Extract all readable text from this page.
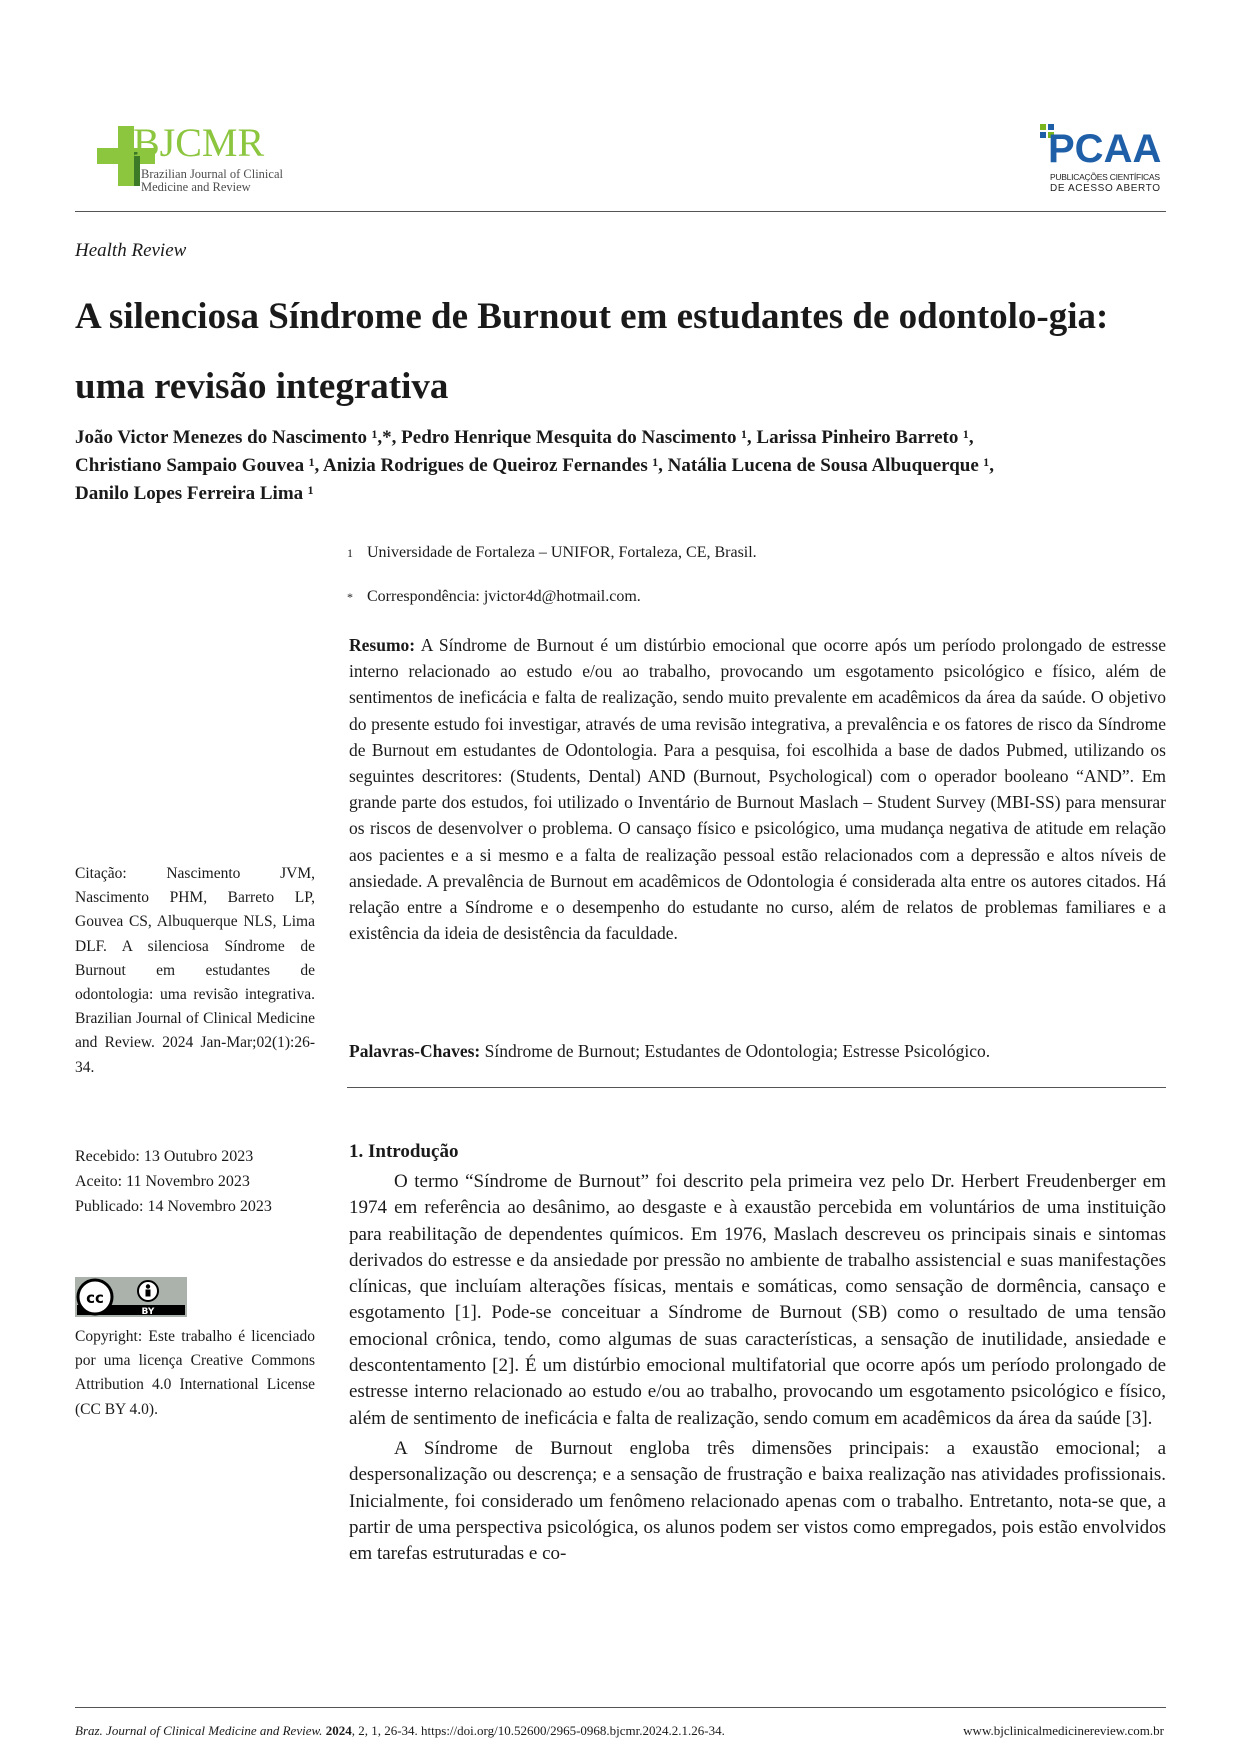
BJCMR
Brazilian Journal of Clinical
Medicine and Review
PCAA
PUBLICAÇÕES CIENTÍFICAS
DE ACESSO ABERTO
Health Review
A silenciosa Síndrome de Burnout em estudantes de odontolo-gia: uma revisão integrativa
João Victor Menezes do Nascimento ¹,*, Pedro Henrique Mesquita do Nascimento ¹, Larissa Pinheiro Barreto ¹,
Christiano Sampaio Gouvea ¹, Anizia Rodrigues de Queiroz Fernandes ¹, Natália Lucena de Sousa Albuquerque ¹,
Danilo Lopes Ferreira Lima ¹
1 Universidade de Fortaleza – UNIFOR, Fortaleza, CE, Brasil.
* Correspondência: jvictor4d@hotmail.com.

Resumo: A Síndrome de Burnout é um distúrbio emocional que ocorre após um período prolongado de estresse interno relacionado ao estudo e/ou ao trabalho, provocando um esgotamento psicológico e físico, além de sentimentos de ineficácia e falta de realização, sendo muito prevalente em acadêmicos da área da saúde. O objetivo do presente estudo foi investigar, através de uma revisão integrativa, a prevalência e os fatores de risco da Síndrome de Burnout em estudantes de Odontologia. Para a pesquisa, foi escolhida a base de dados Pubmed, utilizando os seguintes descritores: (Students, Dental) AND (Burnout, Psychological) com o operador booleano “AND”. Em grande parte dos estudos, foi utilizado o Inventário de Burnout Maslach – Student Survey (MBI-SS) para mensurar os riscos de desenvolver o problema. O cansaço físico e psicológico, uma mudança negativa de atitude em relação aos pacientes e a si mesmo e a falta de realização pessoal estão relacionados com a depressão e altos níveis de ansiedade. A prevalência de Burnout em acadêmicos de Odontologia é considerada alta entre os autores citados. Há relação entre a Síndrome e o desempenho do estudante no curso, além de relatos de problemas familiares e a existência da ideia de desistência da faculdade.

Palavras-Chaves: Síndrome de Burnout; Estudantes de Odontologia; Estresse Psicológico.

Citação: Nascimento JVM, Nascimento PHM, Barreto LP, Gouvea CS, Albuquerque NLS, Lima DLF. A silenciosa Síndrome de Burnout em estudantes de odontologia: uma revisão integrativa. Brazilian Journal of Clinical Medicine and Review. 2024 Jan-Mar;02(1):26-34.

Recebido: 13 Outubro 2023
Aceito: 11 Novembro 2023
Publicado: 14 Novembro 2023
cc
BY

Copyright: Este trabalho é licenciado por uma licença Creative Commons Attribution 4.0 International License (CC BY 4.0).

1. Introdução

O termo “Síndrome de Burnout” foi descrito pela primeira vez pelo Dr. Herbert Freudenberger em 1974 em referência ao desânimo, ao desgaste e à exaustão percebida em voluntários de uma instituição para reabilitação de dependentes químicos. Em 1976, Maslach descreveu os principais sinais e sintomas derivados do estresse e da ansiedade por pressão no ambiente de trabalho assistencial e suas manifestações clínicas, que incluíam alterações físicas, mentais e somáticas, como sensação de dormência, cansaço e esgotamento [1]. Pode-se conceituar a Síndrome de Burnout (SB) como o resultado de uma tensão emocional crônica, tendo, como algumas de suas características, a sensação de inutilidade, ansiedade e descontentamento [2]. É um distúrbio emocional multifatorial que ocorre após um período prolongado de estresse interno relacionado ao estudo e/ou ao trabalho, provocando um esgotamento psicológico e físico, além de sentimento de ineficácia e falta de realização, sendo comum em acadêmicos da área da saúde [3].

A Síndrome de Burnout engloba três dimensões principais: a exaustão emocional; a despersonalização ou descrença; e a sensação de frustração e baixa realização nas atividades profissionais. Inicialmente, foi considerado um fenômeno relacionado apenas com o trabalho. Entretanto, nota-se que, a partir de uma perspectiva psicológica, os alunos podem ser vistos como empregados, pois estão envolvidos em tarefas estruturadas e co-

Braz. Journal of Clinical Medicine and Review. 2024, 2, 1, 26-34. https://doi.org/10.52600/2965-0968.bjcmr.2024.2.1.26-34.	www.bjclinicalmedicinereview.com.br
